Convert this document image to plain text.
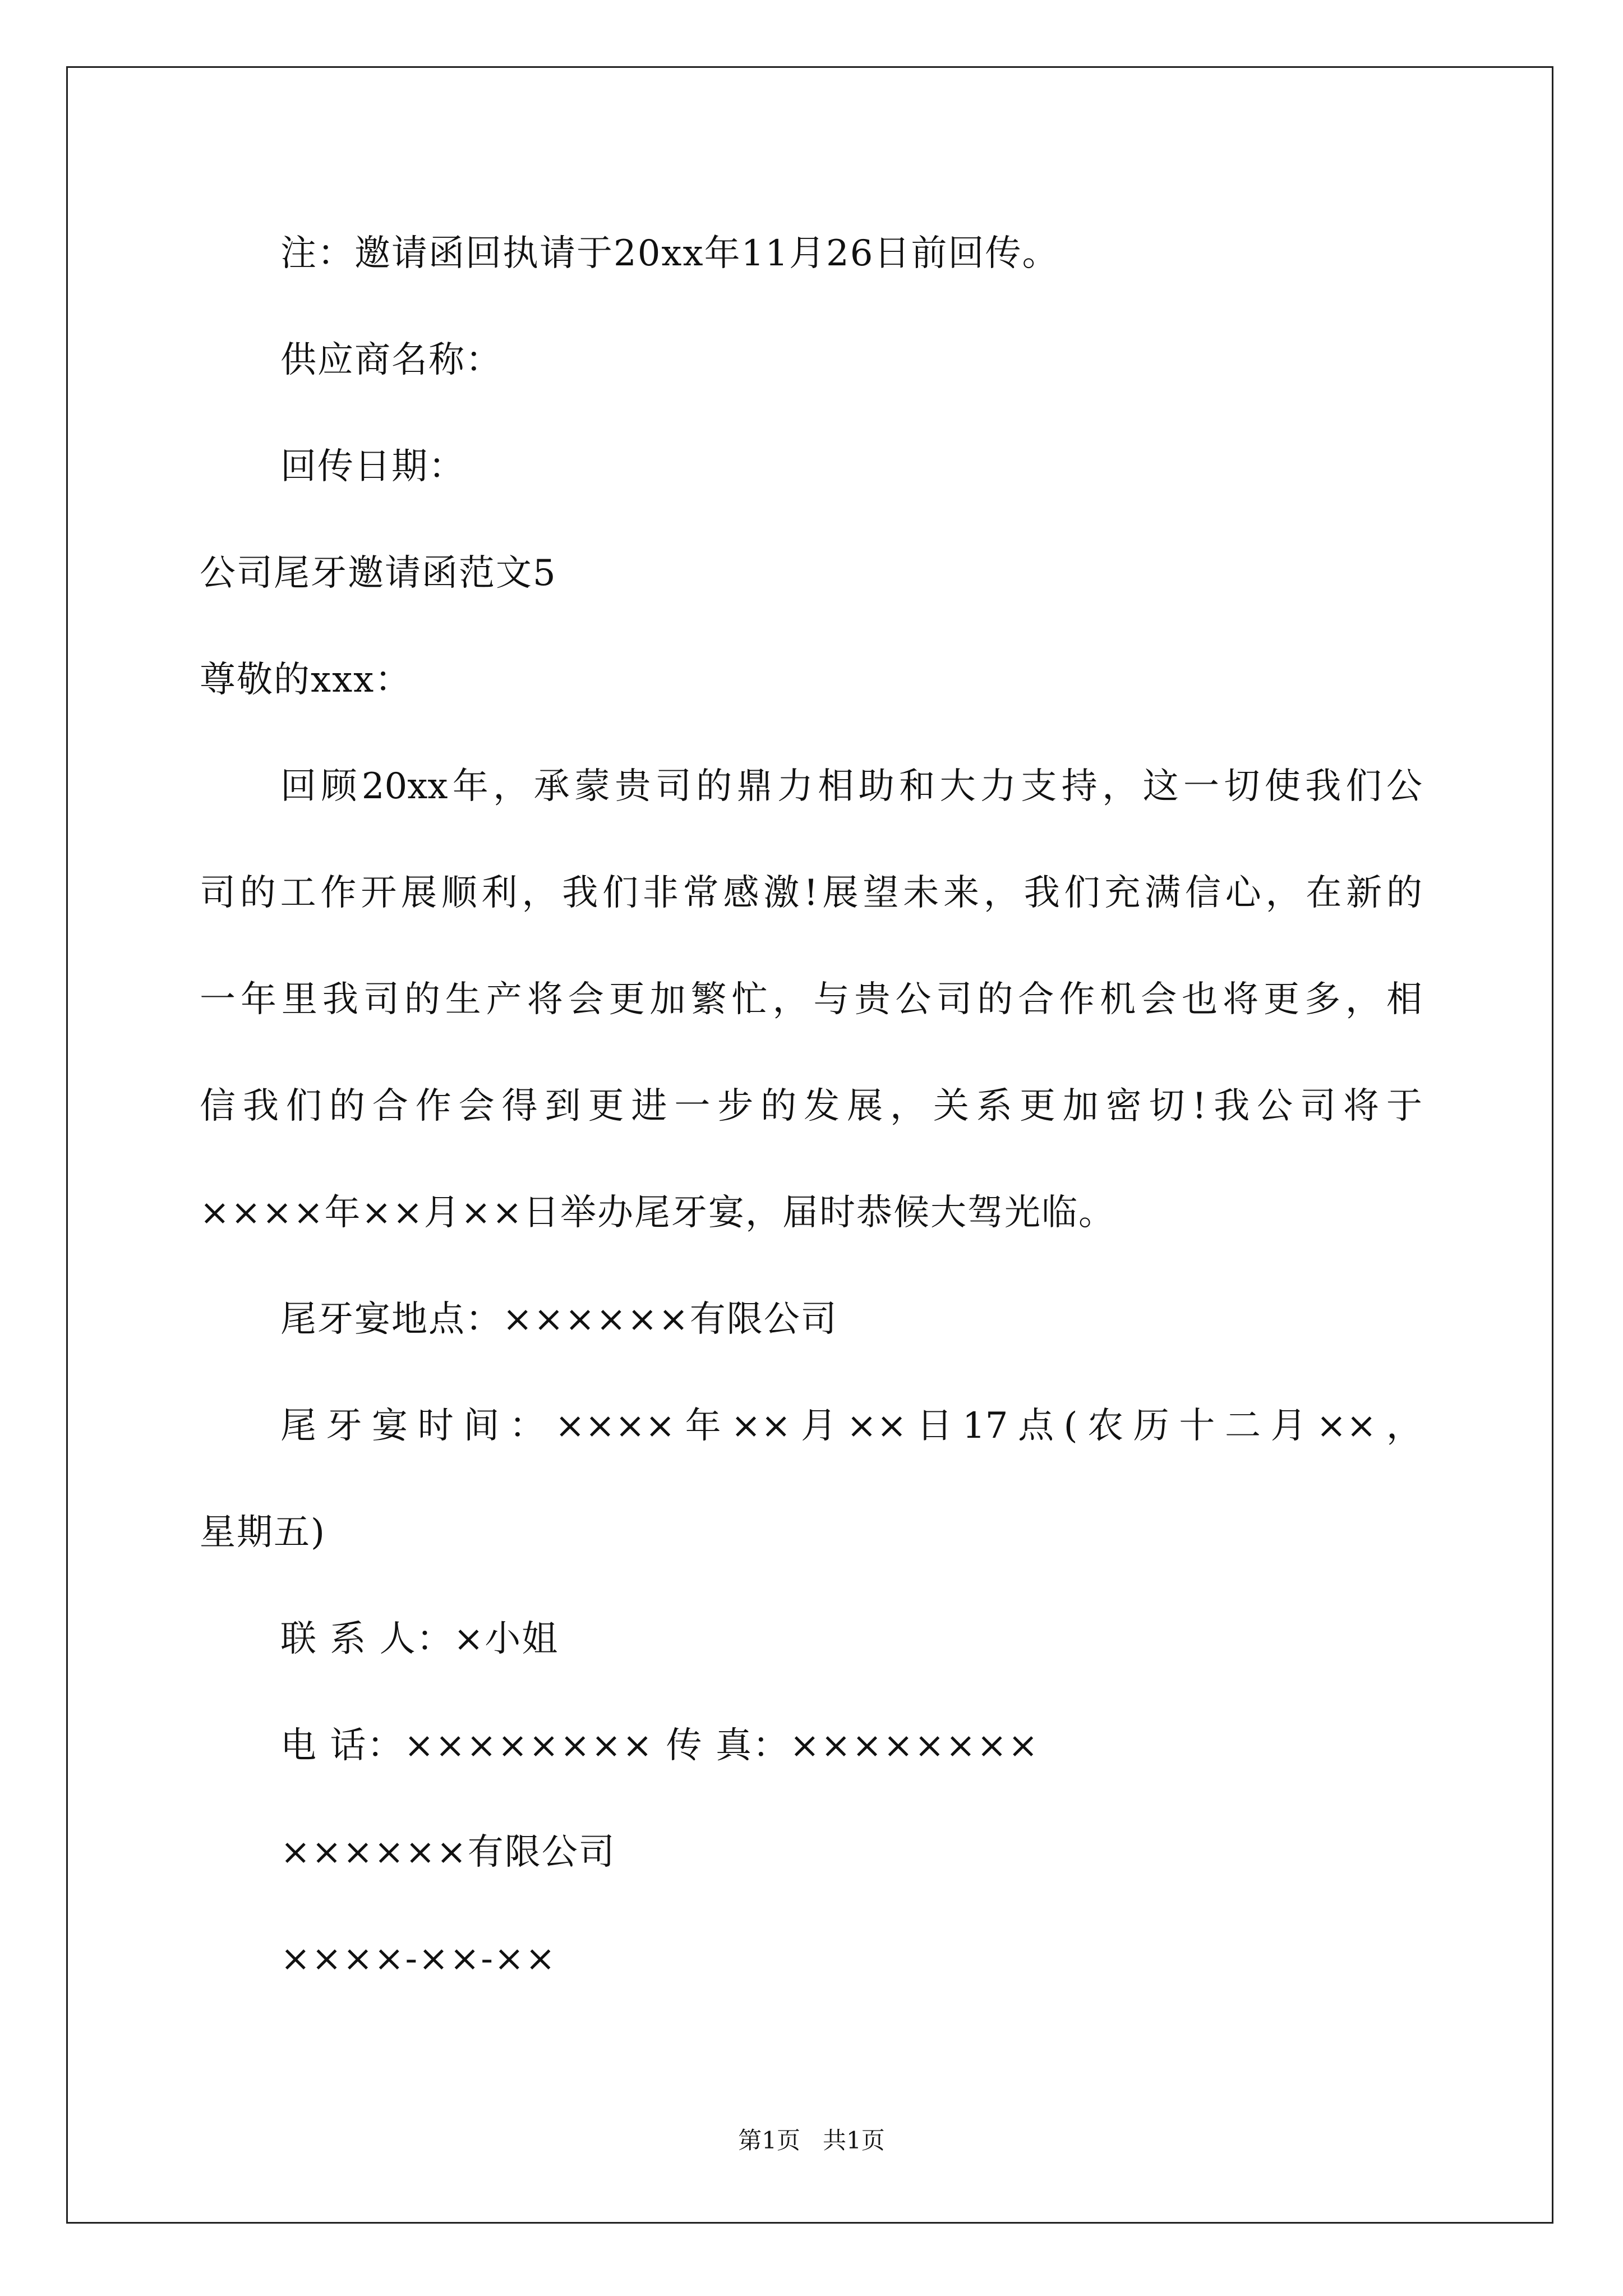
注：邀请函回执请于20xx年11月26日前回传。
供应商名称：
回传日期：
公司尾牙邀请函范文5
尊敬的xxx：
回顾20xx年，承蒙贵司的鼎力相助和大力支持，这一切使我们公
司的工作开展顺利，我们非常感激!展望未来，我们充满信心，在新的
一年里我司的生产将会更加繁忙，与贵公司的合作机会也将更多，相
信我们的合作会得到更进一步的发展，关系更加密切!我公司将于
××××年××月××日举办尾牙宴，届时恭候大驾光临。
尾牙宴地点：××××××有限公司
尾牙宴时间：××××年××月××日17点(农历十二月××，
星期五)
联 系 人：×小姐
电 话：×××××××× 传 真：××××××××
××××××有限公司
××××-××-××
第1页   共1页
